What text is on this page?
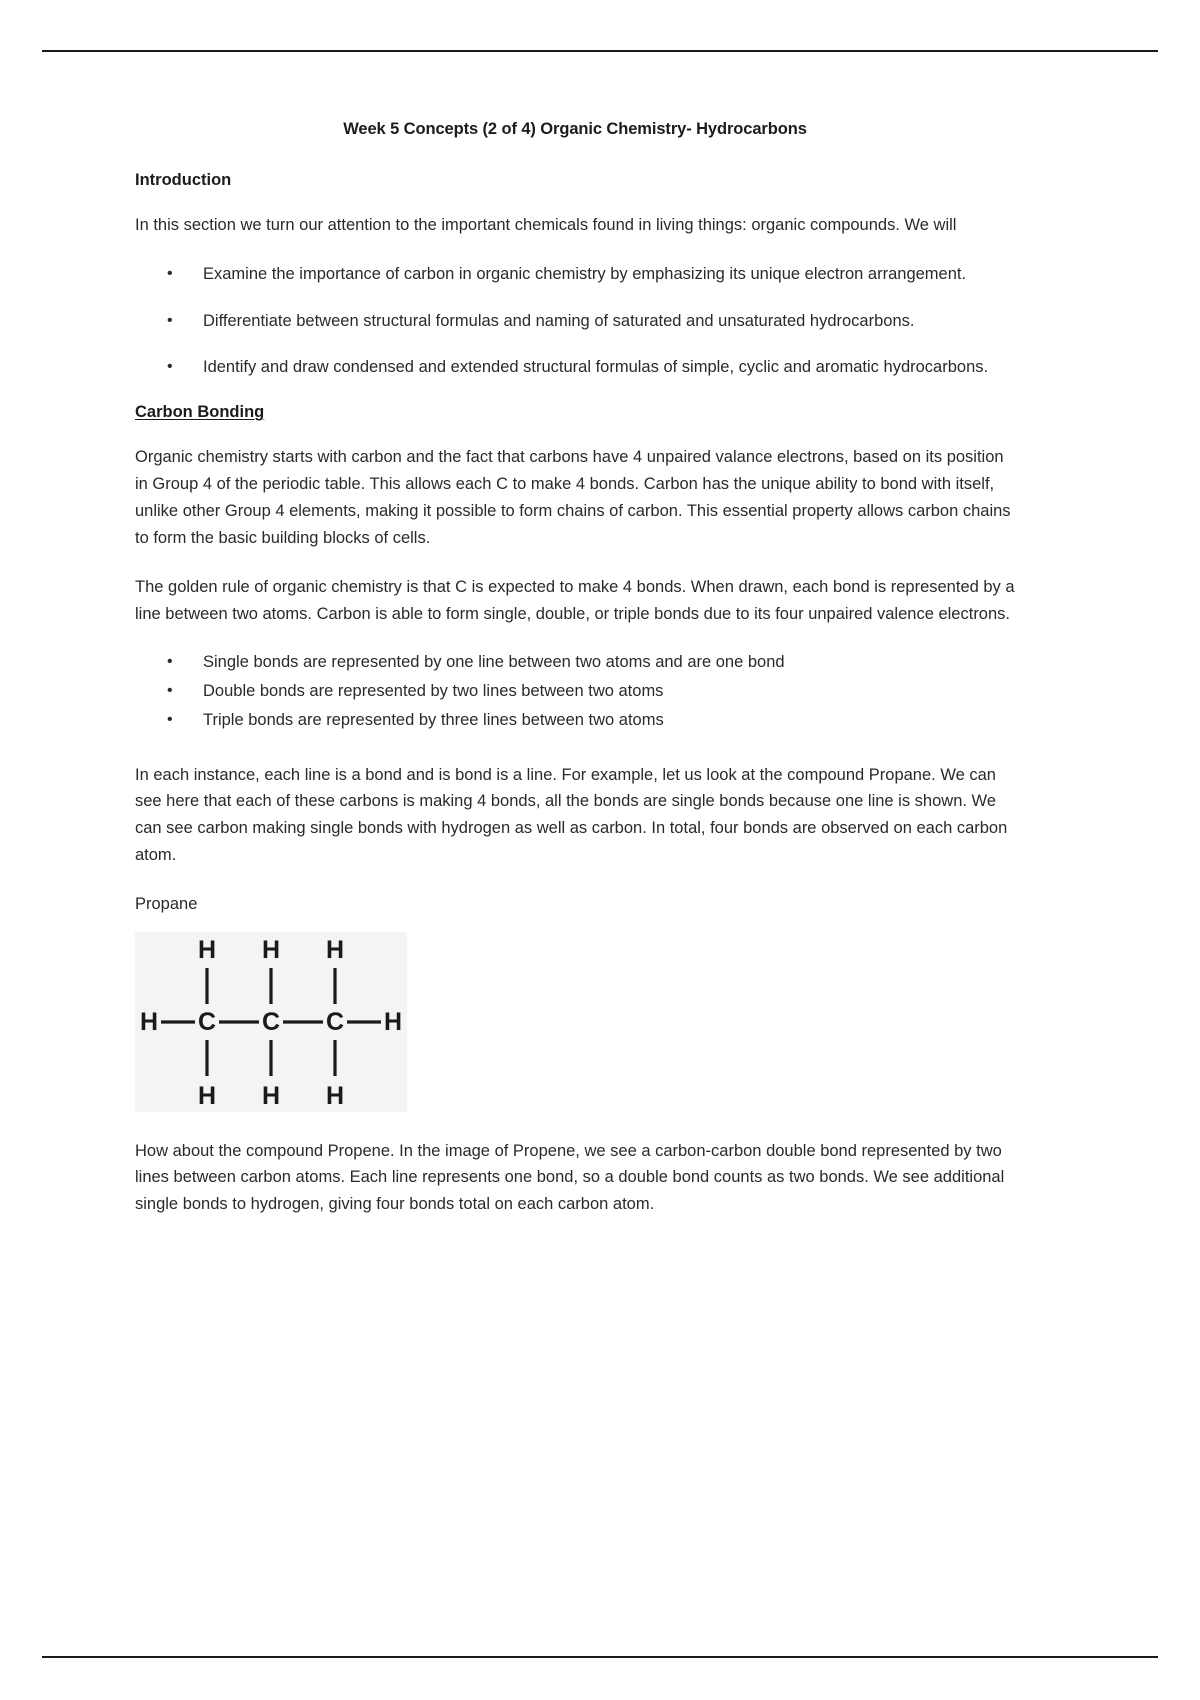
Week 5 Concepts (2 of 4) Organic Chemistry- Hydrocarbons
Introduction

In this section we turn our attention to the important chemicals found in living things: organic compounds. We will

• Examine the importance of carbon in organic chemistry by emphasizing its unique electron arrangement.
• Differentiate between structural formulas and naming of saturated and unsaturated hydrocarbons.
• Identify and draw condensed and extended structural formulas of simple, cyclic and aromatic hydrocarbons.
Carbon Bonding

Organic chemistry starts with carbon and the fact that carbons have 4 unpaired valance electrons, based on its position in Group 4 of the periodic table. This allows each C to make 4 bonds. Carbon has the unique ability to bond with itself, unlike other Group 4 elements, making it possible to form chains of carbon. This essential property allows carbon chains to form the basic building blocks of cells.

The golden rule of organic chemistry is that C is expected to make 4 bonds. When drawn, each bond is represented by a line between two atoms. Carbon is able to form single, double, or triple bonds due to its four unpaired valence electrons.

• Single bonds are represented by one line between two atoms and are one bond
• Double bonds are represented by two lines between two atoms
• Triple bonds are represented by three lines between two atoms

In each instance, each line is a bond and is bond is a line. For example, let us look at the compound Propane. We can see here that each of these carbons is making 4 bonds, all the bonds are single bonds because one line is shown. We can see carbon making single bonds with hydrogen as well as carbon. In total, four bonds are observed on each carbon atom.

Propane

H H H
H C C C H
H H H

How about the compound Propene. In the image of Propene, we see a carbon-carbon double bond represented by two lines between carbon atoms. Each line represents one bond, so a double bond counts as two bonds. We see additional single bonds to hydrogen, giving four bonds total on each carbon atom.
